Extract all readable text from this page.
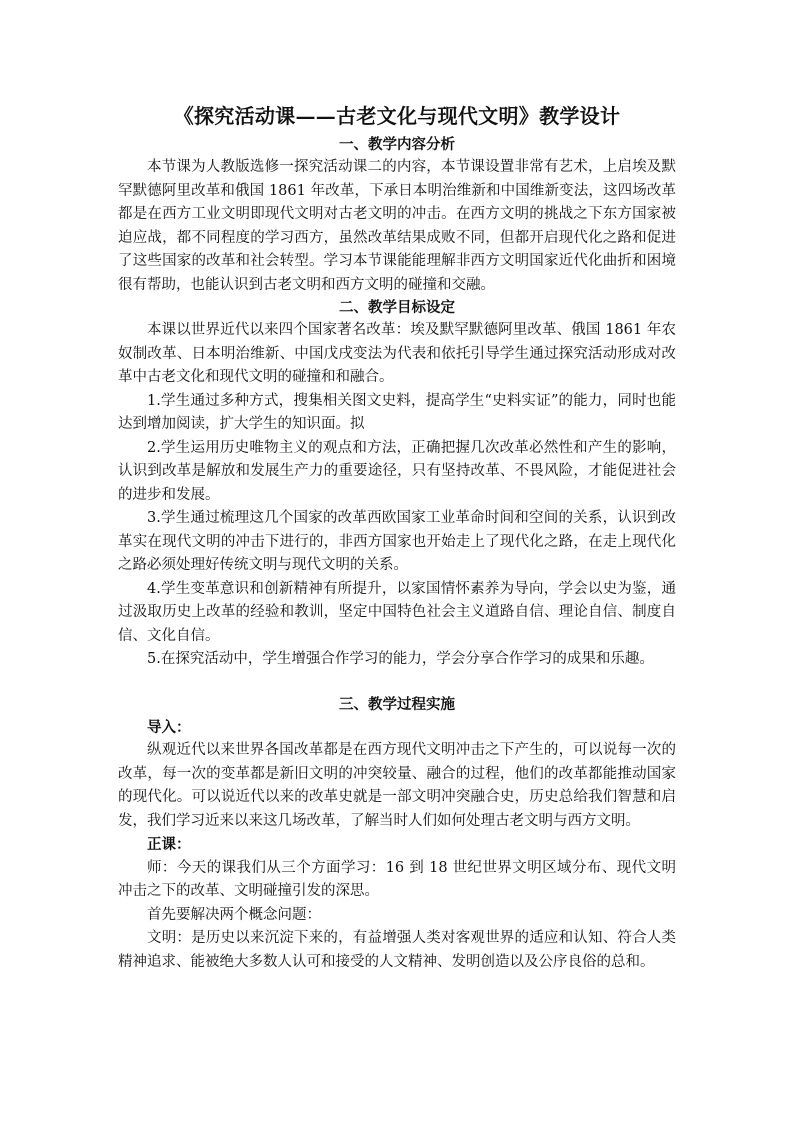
《探究活动课——古老文化与现代文明》教学设计
一、教学内容分析

本节课为人教版选修一探究活动课二的内容，本节课设置非常有艺术，上启埃及默罕默德阿里改革和俄国 1861 年改革，下承日本明治维新和中国维新变法，这四场改革都是在西方工业文明即现代文明对古老文明的冲击。在西方文明的挑战之下东方国家被迫应战，都不同程度的学习西方，虽然改革结果成败不同，但都开启现代化之路和促进了这些国家的改革和社会转型。学习本节课能能理解非西方文明国家近代化曲折和困境很有帮助，也能认识到古老文明和西方文明的碰撞和交融。

二、教学目标设定

本课以世界近代以来四个国家著名改革：埃及默罕默德阿里改革、俄国 1861 年农奴制改革、日本明治维新、中国戊戌变法为代表和依托引导学生通过探究活动形成对改革中古老文化和现代文明的碰撞和和融合。

1.学生通过多种方式，搜集相关图文史料，提高学生“史料实证”的能力，同时也能达到增加阅读，扩大学生的知识面。拟

2.学生运用历史唯物主义的观点和方法，正确把握几次改革必然性和产生的影响，认识到改革是解放和发展生产力的重要途径，只有坚持改革、不畏风险，才能促进社会的进步和发展。

3.学生通过梳理这几个国家的改革西欧国家工业革命时间和空间的关系，认识到改革实在现代文明的冲击下进行的，非西方国家也开始走上了现代化之路，在走上现代化之路必须处理好传统文明与现代文明的关系。

4.学生变革意识和创新精神有所提升，以家国情怀素养为导向，学会以史为鉴，通过汲取历史上改革的经验和教训，坚定中国特色社会主义道路自信、理论自信、制度自信、文化自信。

5.在探究活动中，学生增强合作学习的能力，学会分享合作学习的成果和乐趣。

三、教学过程实施

导入：

纵观近代以来世界各国改革都是在西方现代文明冲击之下产生的，可以说每一次的改革，每一次的变革都是新旧文明的冲突较量、融合的过程，他们的改革都能推动国家的现代化。可以说近代以来的改革史就是一部文明冲突融合史，历史总给我们智慧和启发，我们学习近来以来这几场改革，了解当时人们如何处理古老文明与西方文明。

正课：

师：今天的课我们从三个方面学习：16 到 18 世纪世界文明区域分布、现代文明冲击之下的改革、文明碰撞引发的深思。

首先要解决两个概念问题：

文明：是历史以来沉淀下来的，有益增强人类对客观世界的适应和认知、符合人类精神追求、能被绝大多数人认可和接受的人文精神、发明创造以及公序良俗的总和。
